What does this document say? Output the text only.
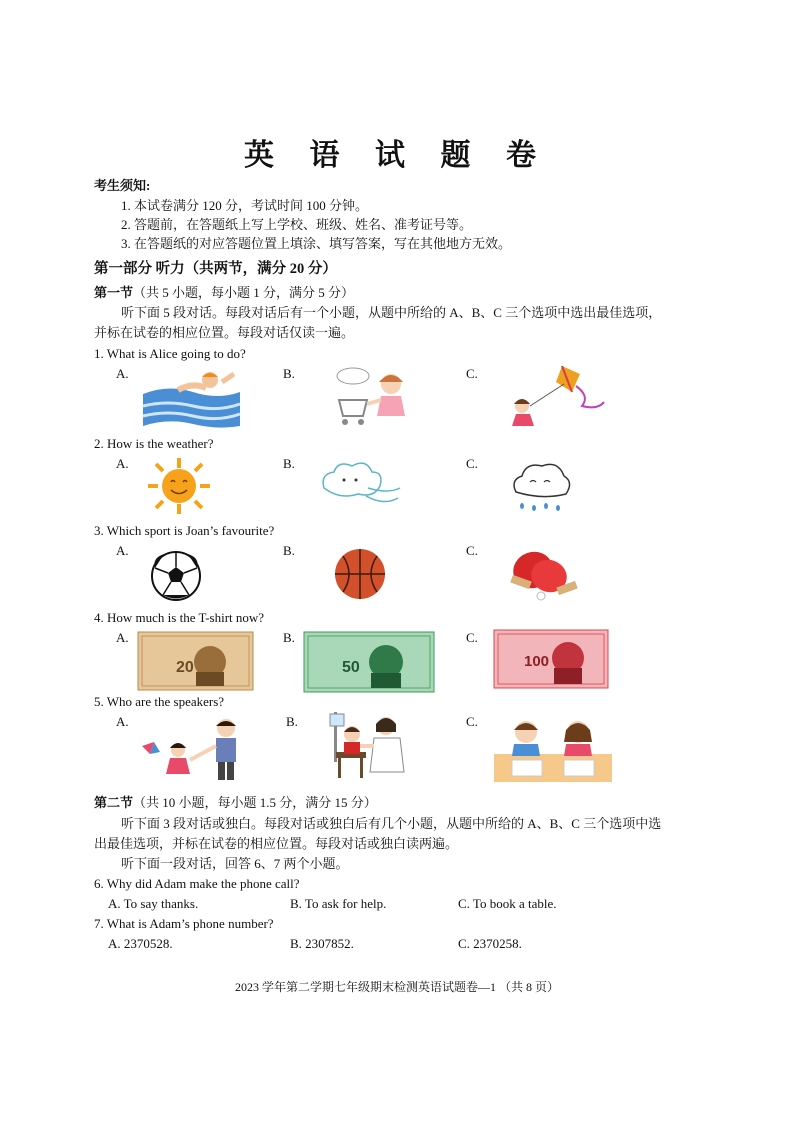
英 语 试 题 卷
考生须知:
1. 本试卷满分 120 分，考试时间 100 分钟。
2. 答题前，在答题纸上写上学校、班级、姓名、准考证号等。
3. 在答题纸的对应答题位置上填涂、填写答案，写在其他地方无效。
第一部分 听力（共两节，满分 20 分）
第一节（共 5 小题，每小题 1 分，满分 5 分）
听下面 5 段对话。每段对话后有一个小题，从题中所给的 A、B、C 三个选项中选出最佳选项，
并标在试卷的相应位置。每段对话仅读一遍。
1. What is Alice going to do?
A.	B.	C.
2. How is the weather?
A.	B.	C.
3. Which sport is Joan’s favourite?
A.	B.	C.
4. How much is the T-shirt now?
A.	B.	C.
20	50	100
5. Who are the speakers?
A.	B.	C.
第二节（共 10 小题，每小题 1.5 分，满分 15 分）
听下面 3 段对话或独白。每段对话或独白后有几个小题，从题中所给的 A、B、C 三个选项中选
出最佳选项，并标在试卷的相应位置。每段对话或独白读两遍。
听下面一段对话，回答 6、7 两个小题。
6. Why did Adam make the phone call?
A. To say thanks.	B. To ask for help.	C. To book a table.
7. What is Adam’s phone number?
A. 2370528.	B. 2307852.	C. 2370258.
2023 学年第二学期七年级期末检测英语试题卷—1 （共 8 页）
